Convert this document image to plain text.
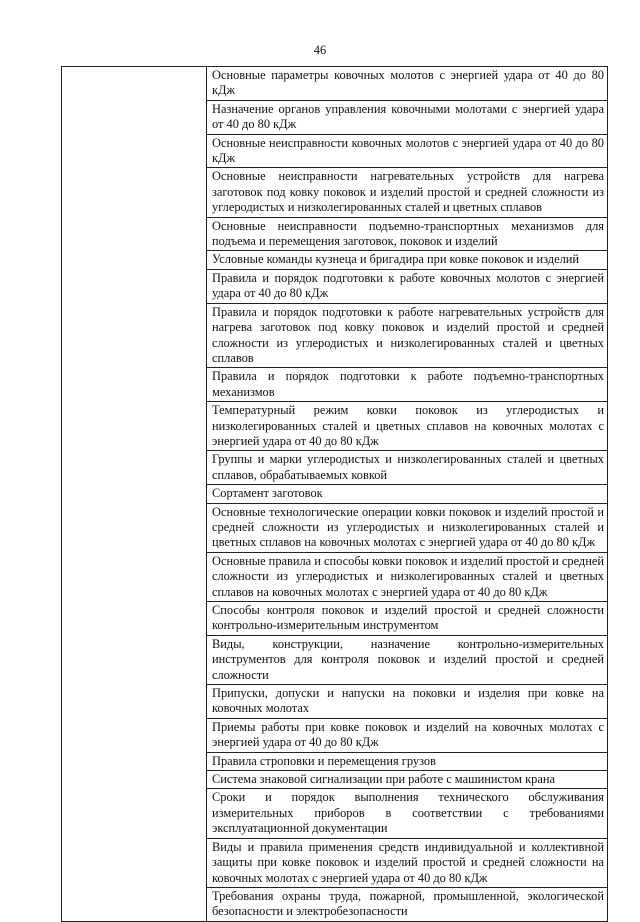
46
	Основные параметры ковочных молотов с энергией удара от 40 до 80 кДж
Назначение органов управления ковочными молотами с энергией удара от 40 до 80 кДж
Основные неисправности ковочных молотов с энергией удара от 40 до 80 кДж
Основные неисправности нагревательных устройств для нагрева заготовок под ковку поковок и изделий простой и средней сложности из углеродистых и низколегированных сталей и цветных сплавов
Основные неисправности подъемно-транспортных механизмов для подъема и перемещения заготовок, поковок и изделий
Условные команды кузнеца и бригадира при ковке поковок и изделий
Правила и порядок подготовки к работе ковочных молотов с энергией удара от 40 до 80 кДж
Правила и порядок подготовки к работе нагревательных устройств для нагрева заготовок под ковку поковок и изделий простой и средней сложности из углеродистых и низколегированных сталей и цветных сплавов
Правила и порядок подготовки к работе подъемно-транспортных механизмов
Температурный режим ковки поковок из углеродистых и низколегированных сталей и цветных сплавов на ковочных молотах с энергией удара от 40 до 80 кДж
Группы и марки углеродистых и низколегированных сталей и цветных сплавов, обрабатываемых ковкой
Сортамент заготовок
Основные технологические операции ковки поковок и изделий простой и средней сложности из углеродистых и низколегированных сталей и цветных сплавов на ковочных молотах с энергией удара от 40 до 80 кДж
Основные правила и способы ковки поковок и изделий простой и средней сложности из углеродистых и низколегированных сталей и цветных сплавов на ковочных молотах с энергией удара от 40 до 80 кДж
Способы контроля поковок и изделий простой и средней сложности контрольно-измерительным инструментом
Виды, конструкции, назначение контрольно-измерительных инструментов для контроля поковок и изделий простой и средней сложности
Припуски, допуски и напуски на поковки и изделия при ковке на ковочных молотах
Приемы работы при ковке поковок и изделий на ковочных молотах с энергией удара от 40 до 80 кДж
Правила строповки и перемещения грузов
Система знаковой сигнализации при работе с машинистом крана
Сроки и порядок выполнения технического обслуживания измерительных приборов в соответствии с требованиями эксплуатационной документации
Виды и правила применения средств индивидуальной и коллективной защиты при ковке поковок и изделий простой и средней сложности на ковочных молотах с энергией удара от 40 до 80 кДж
Требования охраны труда, пожарной, промышленной, экологической безопасности и электробезопасности
